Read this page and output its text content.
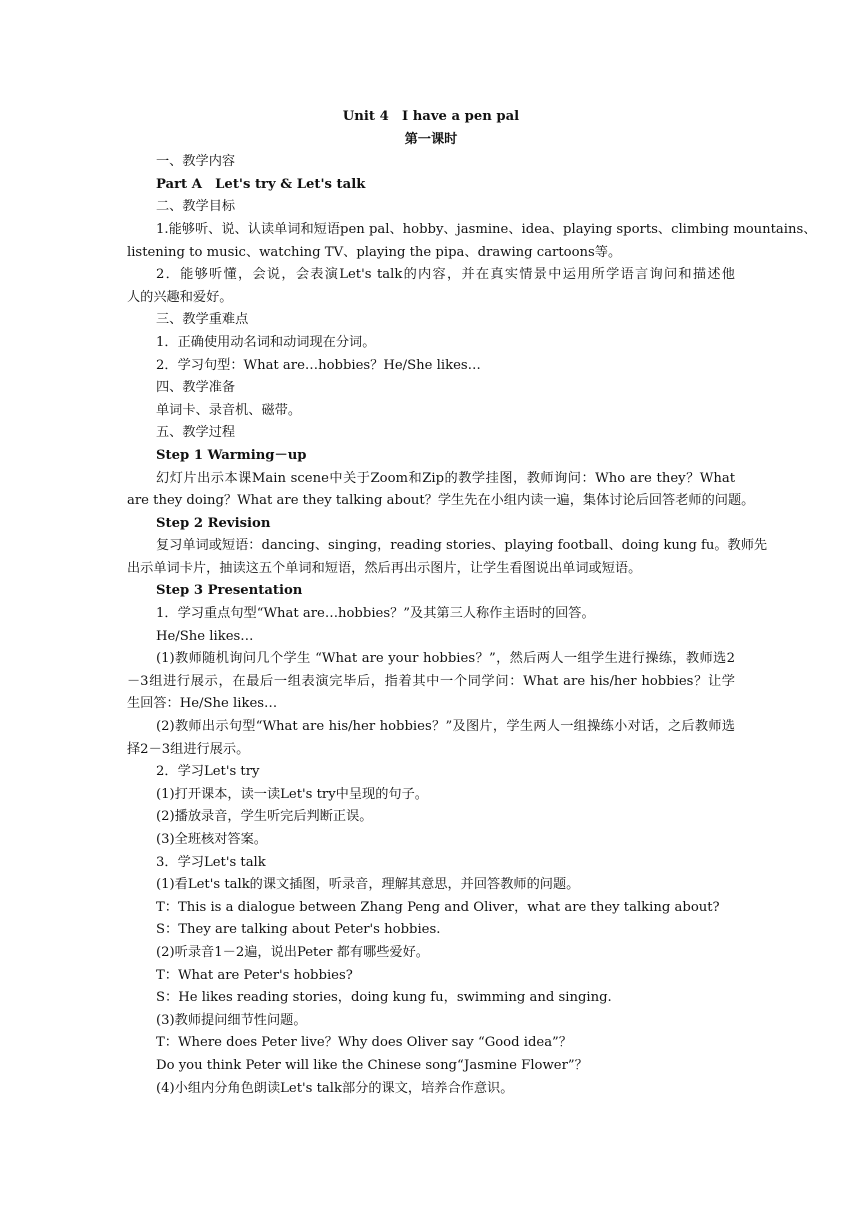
Unit 4　I have a pen pal
第一课时
一、教学内容
Part A　Let's try & Let's talk
二、教学目标
1.能够听、说、认读单词和短语pen pal、hobby、jasmine、idea、playing sports、climbing mountains、
listening to music、watching TV、playing the pipa、drawing cartoons等。
2．能够听懂，会说，会表演Let's talk的内容，并在真实情景中运用所学语言询问和描述他
人的兴趣和爱好。
三、教学重难点
1．正确使用动名词和动词现在分词。
2．学习句型：What are…hobbies？He/She likes…
四、教学准备
单词卡、录音机、磁带。
五、教学过程
Step 1 Warming－up
幻灯片出示本课Main scene中关于Zoom和Zip的教学挂图，教师询问：Who are they？What
are they doing？What are they talking about？学生先在小组内读一遍，集体讨论后回答老师的问题。
Step 2 Revision
复习单词或短语：dancing、singing，reading stories、playing football、doing kung fu。教师先
出示单词卡片，抽读这五个单词和短语，然后再出示图片，让学生看图说出单词或短语。
Step 3 Presentation
1．学习重点句型“What are…hobbies？”及其第三人称作主语时的回答。
He/She likes…
(1)教师随机询问几个学生 “What are your hobbies？”，然后两人一组学生进行操练，教师选2
－3组进行展示，在最后一组表演完毕后，指着其中一个同学问：What are his/her hobbies？让学
生回答：He/She likes…
(2)教师出示句型“What are his/her hobbies？”及图片，学生两人一组操练小对话，之后教师选
择2－3组进行展示。
2．学习Let's try
(1)打开课本，读一读Let's try中呈现的句子。
(2)播放录音，学生听完后判断正误。
(3)全班核对答案。
3．学习Let's talk
(1)看Let's talk的课文插图，听录音，理解其意思，并回答教师的问题。
T：This is a dialogue between Zhang Peng and Oliver，what are they talking about?
S：They are talking about Peter's hobbies.
(2)听录音1－2遍，说出Peter 都有哪些爱好。
T：What are Peter's hobbies?
S：He likes reading stories，doing kung fu，swimming and singing.
(3)教师提问细节性问题。
T：Where does Peter live？Why does Oliver say “Good idea”？
Do you think Peter will like the Chinese song“Jasmine Flower”？
(4)小组内分角色朗读Let's talk部分的课文，培养合作意识。
